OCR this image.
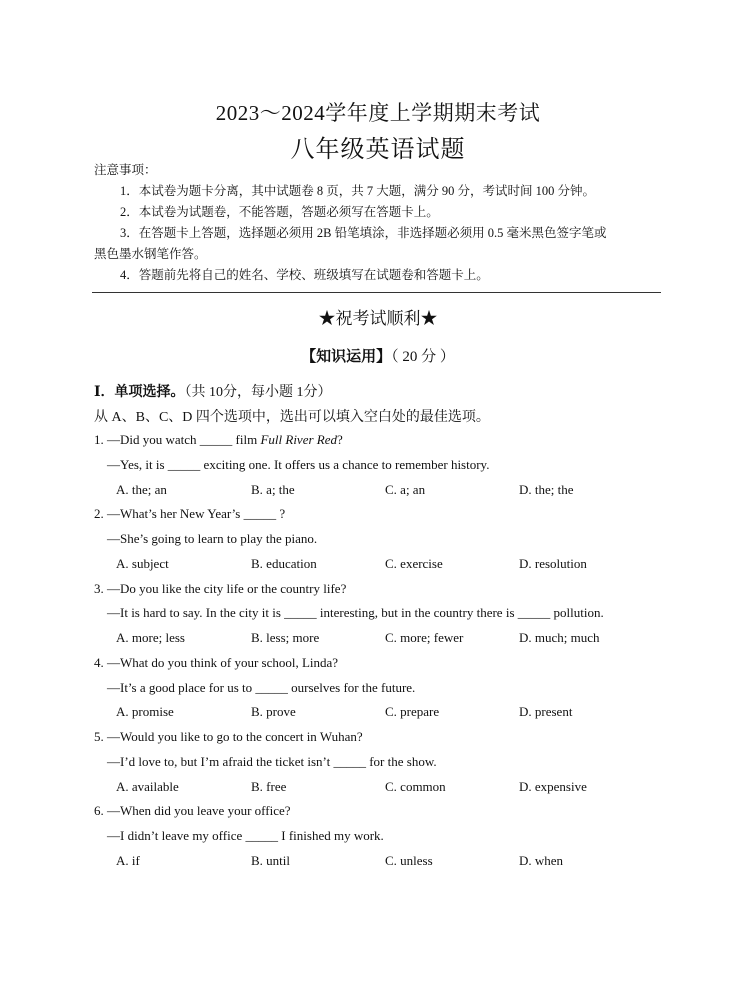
2023～2024学年度上学期期末考试
八年级英语试题
注意事项：
1．本试卷为题卡分离，其中试题卷 8 页，共 7 大题，满分 90 分，考试时间 100 分钟。
2．本试卷为试题卷，不能答题，答题必须写在答题卡上。
3．在答题卡上答题，选择题必须用 2B 铅笔填涂，非选择题必须用 0.5 毫米黑色签字笔或
黑色墨水钢笔作答。
4．答题前先将自己的姓名、学校、班级填写在试题卷和答题卡上。
★祝考试顺利★
【知识运用】（ 20 分 ）
Ⅰ．单项选择。（共 10分，每小题 1分）
从 A、B、C、D 四个选项中，选出可以填入空白处的最佳选项。
1. —Did you watch _____ film Full River Red?
—Yes, it is _____ exciting one. It offers us a chance to remember history.
A. the; an	B. a; the	C. a; an	D. the; the
2. —What’s her New Year’s _____ ?
—She’s going to learn to play the piano.
A. subject	B. education	C. exercise	D. resolution
3. —Do you like the city life or the country life?
—It is hard to say. In the city it is _____ interesting, but in the country there is _____ pollution.
A. more; less	B. less; more	C. more; fewer	D. much; much
4. —What do you think of your school, Linda?
—It’s a good place for us to _____ ourselves for the future.
A. promise	B. prove	C. prepare	D. present
5. —Would you like to go to the concert in Wuhan?
—I’d love to, but I’m afraid the ticket isn’t _____ for the show.
A. available	B. free	C. common	D. expensive
6. —When did you leave your office?
—I didn’t leave my office _____ I finished my work.
A. if	B. until	C. unless	D. when
